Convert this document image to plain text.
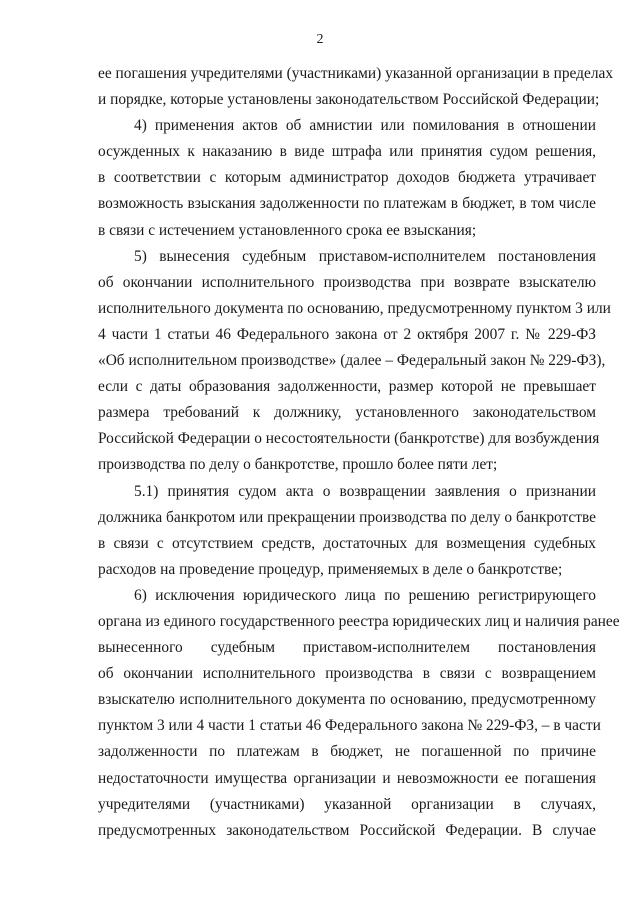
2
ее погашения учредителями (участниками) указанной организации в пределах
и порядке, которые установлены законодательством Российской Федерации;
4) применения актов об амнистии или помилования в отношении
осужденных к наказанию в виде штрафа или принятия судом решения,
в соответствии с которым администратор доходов бюджета утрачивает
возможность взыскания задолженности по платежам в бюджет, в том числе
в связи с истечением установленного срока ее взыскания;
5) вынесения судебным приставом-исполнителем постановления
об окончании исполнительного производства при возврате взыскателю
исполнительного документа по основанию, предусмотренному пунктом 3 или
4 части 1 статьи 46 Федерального закона от 2 октября 2007 г. № 229-ФЗ
«Об исполнительном производстве» (далее – Федеральный закон № 229-ФЗ),
если с даты образования задолженности, размер которой не превышает
размера требований к должнику, установленного законодательством
Российской Федерации о несостоятельности (банкротстве) для возбуждения
производства по делу о банкротстве, прошло более пяти лет;
5.1) принятия судом акта о возвращении заявления о признании
должника банкротом или прекращении производства по делу о банкротстве
в связи с отсутствием средств, достаточных для возмещения судебных
расходов на проведение процедур, применяемых в деле о банкротстве;
6) исключения юридического лица по решению регистрирующего
органа из единого государственного реестра юридических лиц и наличия ранее
вынесенного судебным приставом-исполнителем постановления
об окончании исполнительного производства в связи с возвращением
взыскателю исполнительного документа по основанию, предусмотренному
пунктом 3 или 4 части 1 статьи 46 Федерального закона № 229-ФЗ, – в части
задолженности по платежам в бюджет, не погашенной по причине
недостаточности имущества организации и невозможности ее погашения
учредителями (участниками) указанной организации в случаях,
предусмотренных законодательством Российской Федерации. В случае
